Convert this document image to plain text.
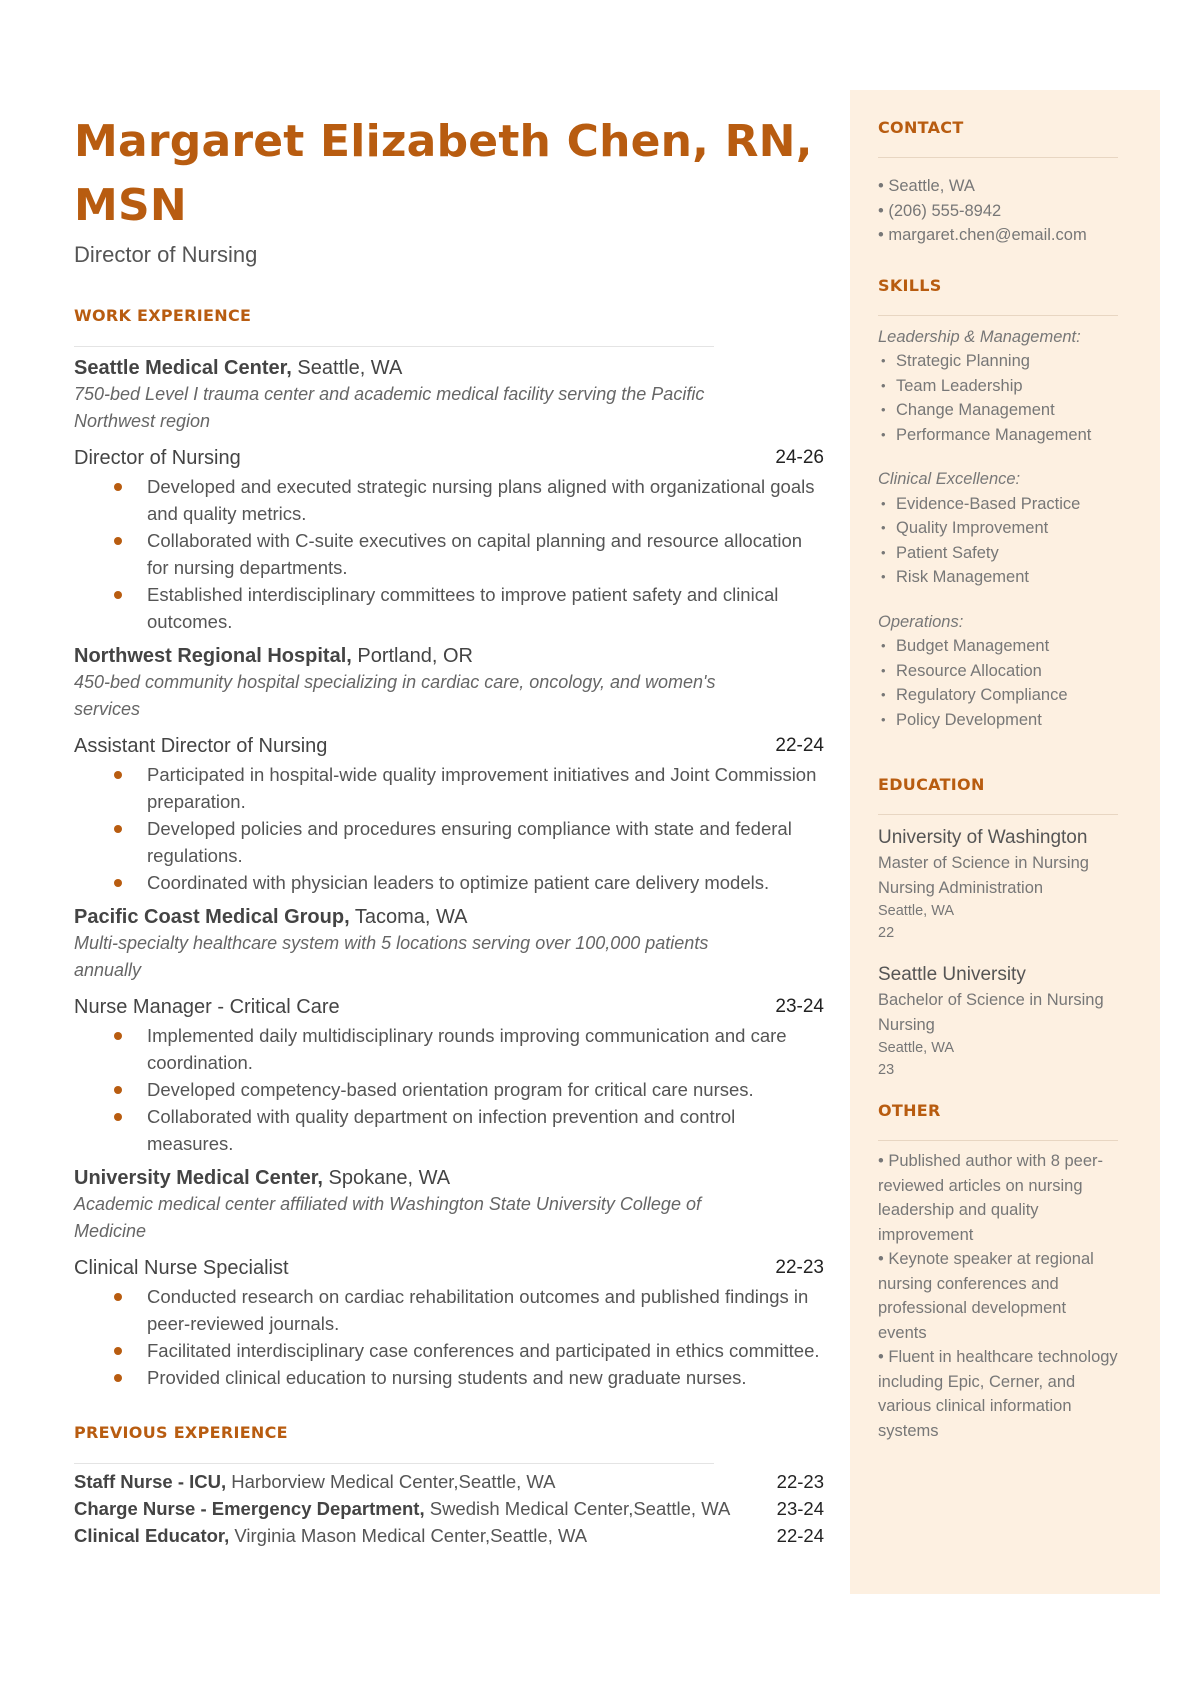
Margaret Elizabeth Chen, RN, MSN
Director of Nursing
WORK EXPERIENCE
Seattle Medical Center, Seattle, WA
750-bed Level I trauma center and academic medical facility serving the Pacific Northwest region
Director of Nursing	24-26
Developed and executed strategic nursing plans aligned with organizational goals and quality metrics.
Collaborated with C-suite executives on capital planning and resource allocation for nursing departments.
Established interdisciplinary committees to improve patient safety and clinical outcomes.
Northwest Regional Hospital, Portland, OR
450-bed community hospital specializing in cardiac care, oncology, and women's services
Assistant Director of Nursing	22-24
Participated in hospital-wide quality improvement initiatives and Joint Commission preparation.
Developed policies and procedures ensuring compliance with state and federal regulations.
Coordinated with physician leaders to optimize patient care delivery models.
Pacific Coast Medical Group, Tacoma, WA
Multi-specialty healthcare system with 5 locations serving over 100,000 patients annually
Nurse Manager - Critical Care	23-24
Implemented daily multidisciplinary rounds improving communication and care coordination.
Developed competency-based orientation program for critical care nurses.
Collaborated with quality department on infection prevention and control measures.
University Medical Center, Spokane, WA
Academic medical center affiliated with Washington State University College of Medicine
Clinical Nurse Specialist	22-23
Conducted research on cardiac rehabilitation outcomes and published findings in peer-reviewed journals.
Facilitated interdisciplinary case conferences and participated in ethics committee.
Provided clinical education to nursing students and new graduate nurses.
PREVIOUS EXPERIENCE
Staff Nurse - ICU, Harborview Medical Center,Seattle, WA	22-23
Charge Nurse - Emergency Department, Swedish Medical Center,Seattle, WA	23-24
Clinical Educator, Virginia Mason Medical Center,Seattle, WA	22-24
CONTACT
• Seattle, WA
• (206) 555-8942
• margaret.chen@email.com
SKILLS
Leadership & Management:
• Strategic Planning
• Team Leadership
• Change Management
• Performance Management
Clinical Excellence:
• Evidence-Based Practice
• Quality Improvement
• Patient Safety
• Risk Management
Operations:
• Budget Management
• Resource Allocation
• Regulatory Compliance
• Policy Development
EDUCATION
University of Washington
Master of Science in Nursing
Nursing Administration
Seattle, WA
22
Seattle University
Bachelor of Science in Nursing
Nursing
Seattle, WA
23
OTHER
• Published author with 8 peer-reviewed articles on nursing leadership and quality improvement
• Keynote speaker at regional nursing conferences and professional development events
• Fluent in healthcare technology including Epic, Cerner, and various clinical information systems
